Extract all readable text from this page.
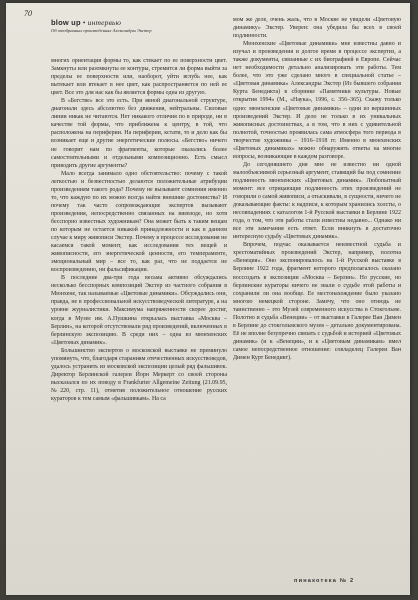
70
blow up • интервью
Об отобранных произведениях Александры Экстер

многих ориентация формы то, как стекает по ее поверхности цвет. Замкнуты или разомкнуты ее контуры, стремится ли форма выйти за пределы ее поверхности или, наоборот, уйти вглубь нее, как вытекает или втекает в нее цвет, как распространяется по ней ее цвет. Все это для нас как бы является формы одна из другую.

В «Бегстве» все это есть. При явной диагональной структуре, диагонали здесь абсолютно без движения, нейтральны. Силовые линии никак не читаются. Нет никакого отличия по в природе, ни в качестве той формы, что приближена к центру, в той, что расположена на периферии. На периферии, кстати, то и дело как бы возникает еще и другие энергетические полюсы. «Бегство» ничего не говорит нам по фрагменты, которые оказались более самостоятельными и отдельными композиционно. Есть смысл приводить другие аргументы?

Мало всегда занимало одно обстоятельство: почему с такой легкостью и безвестностью делаются положительные атрибуции произведениям такого рода? Почему не вызывают сомнения именно то, что каждую по их можно всегда найти внешние достоинства? И почему так часто сопровождающие экспертов вызывают произведения, непосредственно связанных на виевзоде, но хотя бесспорно известных художникам? Она может быть к таким вещам по которым не остается никакой принадлежности и как в данном случае к миру живописи Экстер. Почему в процессе исследования не касаемся такой момент, как исследования тех вещей и живописности, его энергетической ценности, его темпераменте, эмоциональный мир – все то, как раз, что не поддается не воспроизведению, ни фальсификации.

В последние два-три года весьма активно обсуждались несколько бесспорных композиций Экстер из частного собрания в Мюнхене, так называемые «Цветовые динамики». Обсуждались они, правда, не в профессиональной искусствоведческой литературе, а на уровне журналистики. Максимума напряженности скорее достиг, когда в Музее им. А.Пушкина открылась выставка «Москва – Берлин», на которой отсутствовали ряд произведений, включенных в берлинскую экспозицию. В среди них – одна из мюнхенских «Цветовых динамик».

Большинство экспертов о московской выставке не преминуло упомянуть, что, благодаря стараниям отечественных искусствоведов, удалось устранить из московской экспозиции целый ряд фальшивок. Директор Берлинской галереи Йорн Меркерт со своей стороны высказался по их поводу в Frankfurter Allgemeine Zeitung (21.09.95, №220, стр. 11), отметив положительное отношение русских кураторов к тем самым «фальшивкам». На са

мом же деле, очень жаль, что в Москве не увидели «Цветовую динамику» Экстер. Уверен: она убедила бы всех в своей подлинности.

Мюнхенские «Цветовые динамики» мне известны давно и изучал и произведения и долгое время в процессе экспертиз, а также документы, связанные с их биографией в Европе. Сейчас нет необходимости детально анализировать эти работы. Тем более, что это уже сделано много в специальной статье – «Цветовая динамика» Александры Экстер (Из бывшего собрания Курта Бенедикта) в сборнике «Памятники культуры. Новые открытия 1994» (М., «Наука», 1996, с. 356–365). Скажу только одно: мюнхенские «Цветовые динамики» – одни из вершинных произведений Экстер. И дело не только в их уникальных живописных достоинствах, а в том, что в них с удивительной полнотой, точностью проявилась сама атмосфера того периода в творчестве художника – 1916–1918 гг. Именно в мюнхенских «Цветовых динамиках» можно обнаружить ответы на многие вопросы, возникающие в каждом разговоре.

До сегодняшнего дня мне не известно ни одной малообъяснимой серьезный аргумент, ставящий бы под сомнение подлинность мюнхенских «Цветовых динамик». Любопытный момент: все отрицающие подлинность этих произведений не говорили о самой живописи, а отыскивали, в сущности, ничего не доказывающие факты: к надписи, к которым хранились холсты, о несовпадениях с каталогом 1-й Русской выставки в Берлине 1922 года, о том, что эти работы стали известны недавно... Однако ни все эти замечания есть ответ. Если вникнуть в достаточно интересную судьбу «Цветовых динамик».

Впрочем, подчас оказывается неизвестной судьба и хрестоматийных произведений Экстер, например, полотна «Венеция». Оно экспонировалось на 1-й Русской выставке в Берлине 1922 года, фрагмент которого предполагалось сказано воссоздать в экспозиции «Москва – Берлин». Но русские, но берлинские кураторы ничего не знали о судьбе этой работы и сохранили ли она вообще. Ее местонахождение было указано многою немецкой стороне. Замечу, что оно отнюдь не таинственно – это Музей современного искусства в Стокгольме. Полотно и судьба «Венеции» – от выставки в Галерее Ван Димен в Берлине до стокгольмского музея – детально документирована. Её не вполне безупречно связать с судьбой и историей «Цветовых динамик» (и к «Венеции», и к «Цветовым динамикам» имел самое непосредственное отношение: совладелец Галереи Ван Димен Курт Бенедикт).

пинакотека № 2
